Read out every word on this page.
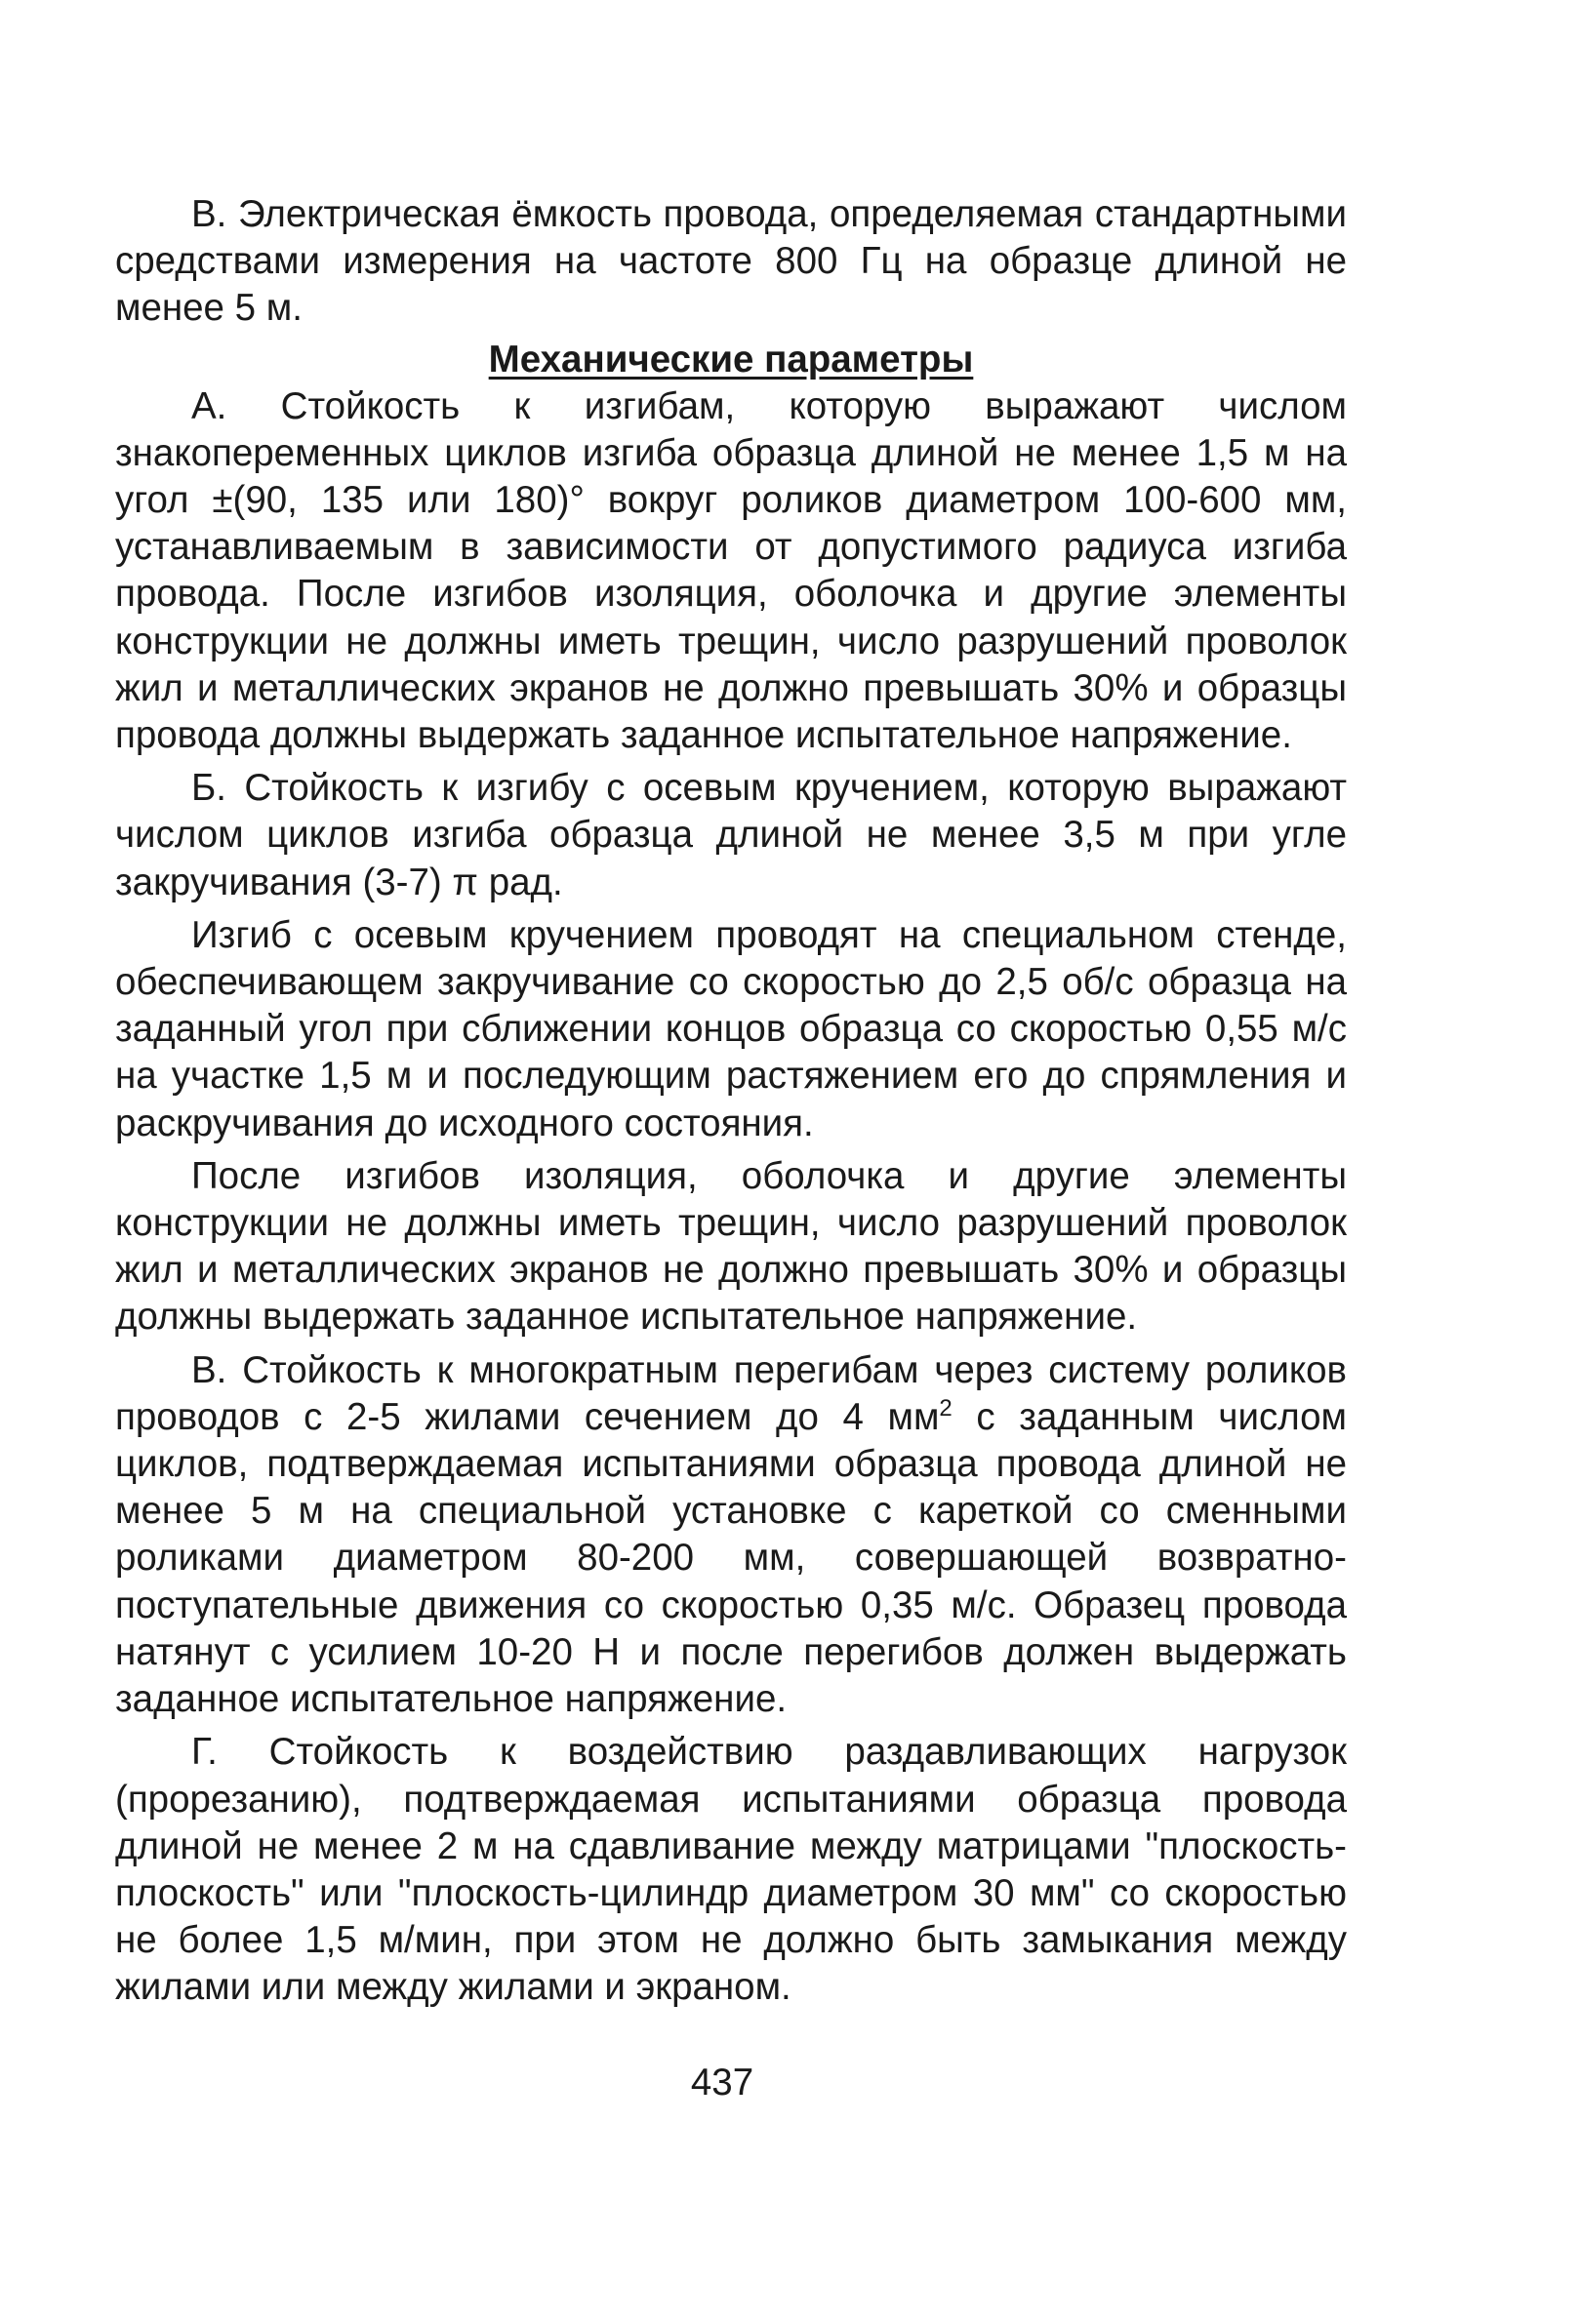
В. Электрическая ёмкость провода, определяемая стандартными средствами измерения на частоте 800 Гц на образце длиной не менее 5 м.

Механические параметры

А. Стойкость к изгибам, которую выражают числом знакопеременных циклов изгиба образца длиной не менее 1,5 м на угол ±(90, 135 или 180)° вокруг роликов диаметром 100-600 мм, устанавливаемым в зависимости от допустимого радиуса изгиба провода. После изгибов изоляция, оболочка и другие элементы конструкции не должны иметь трещин, число разрушений проволок жил и металлических экранов не должно превышать 30% и образцы провода должны выдержать заданное испытательное напряжение.

Б. Стойкость к изгибу с осевым кручением, которую выражают числом циклов изгиба образца длиной не менее 3,5 м при угле закручивания (3-7) π рад.

Изгиб с осевым кручением проводят на специальном стенде, обеспечивающем закручивание со скоростью до 2,5 об/с образца на заданный угол при сближении концов образца со скоростью 0,55 м/с на участке 1,5 м и последующим растяжением его до спрямления и раскручивания до исходного состояния.

После изгибов изоляция, оболочка и другие элементы конструкции не должны иметь трещин, число разрушений проволок жил и металлических экранов не должно превышать 30% и образцы должны выдержать заданное испытательное напряжение.

В. Стойкость к многократным перегибам через систему роликов проводов с 2-5 жилами сечением до 4 $мм^2$ с заданным числом циклов, подтверждаемая испытаниями образца провода длиной не менее 5 м на специальной установке с кареткой со сменными роликами диаметром 80-200 мм, совершающей возвратно-поступательные движения со скоростью 0,35 м/с. Образец провода натянут с усилием 10-20 Н и после перегибов должен выдержать заданное испытательное напряжение.

Г. Стойкость к воздействию раздавливающих нагрузок (прорезанию), подтверждаемая испытаниями образца провода длиной не менее 2 м на сдавливание между матрицами "плоскость-плоскость" или "плоскость-цилиндр диаметром 30 мм" со скоростью не более 1,5 м/мин, при этом не должно быть замыкания между жилами или между жилами и экраном.

437
